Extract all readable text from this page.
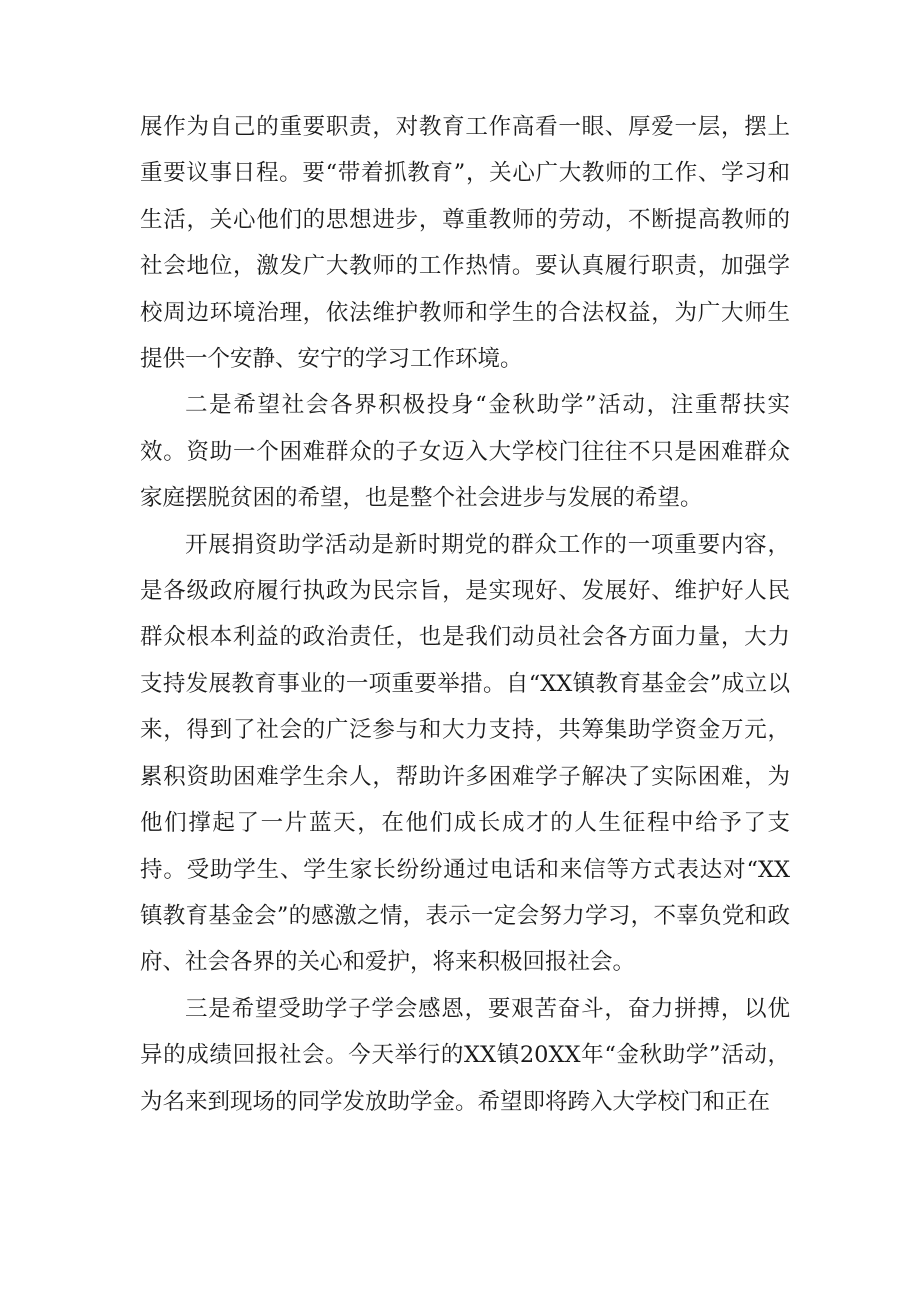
展作为自己的重要职责，对教育工作高看一眼、厚爱一层，摆上重要议事日程。要“带着抓教育”，关心广大教师的工作、学习和生活，关心他们的思想进步，尊重教师的劳动，不断提高教师的社会地位，激发广大教师的工作热情。要认真履行职责，加强学校周边环境治理，依法维护教师和学生的合法权益，为广大师生提供一个安静、安宁的学习工作环境。

二是希望社会各界积极投身“金秋助学”活动，注重帮扶实效。资助一个困难群众的子女迈入大学校门往往不只是困难群众家庭摆脱贫困的希望，也是整个社会进步与发展的希望。

开展捐资助学活动是新时期党的群众工作的一项重要内容，是各级政府履行执政为民宗旨，是实现好、发展好、维护好人民群众根本利益的政治责任，也是我们动员社会各方面力量，大力支持发展教育事业的一项重要举措。自“XX镇教育基金会”成立以来，得到了社会的广泛参与和大力支持，共筹集助学资金万元，累积资助困难学生余人，帮助许多困难学子解决了实际困难，为他们撑起了一片蓝天，在他们成长成才的人生征程中给予了支持。受助学生、学生家长纷纷通过电话和来信等方式表达对“XX镇教育基金会”的感激之情，表示一定会努力学习，不辜负党和政府、社会各界的关心和爱护，将来积极回报社会。

三是希望受助学子学会感恩，要艰苦奋斗，奋力拼搏，以优异的成绩回报社会。今天举行的XX镇20XX年“金秋助学”活动，为名来到现场的同学发放助学金。希望即将跨入大学校门和正在
